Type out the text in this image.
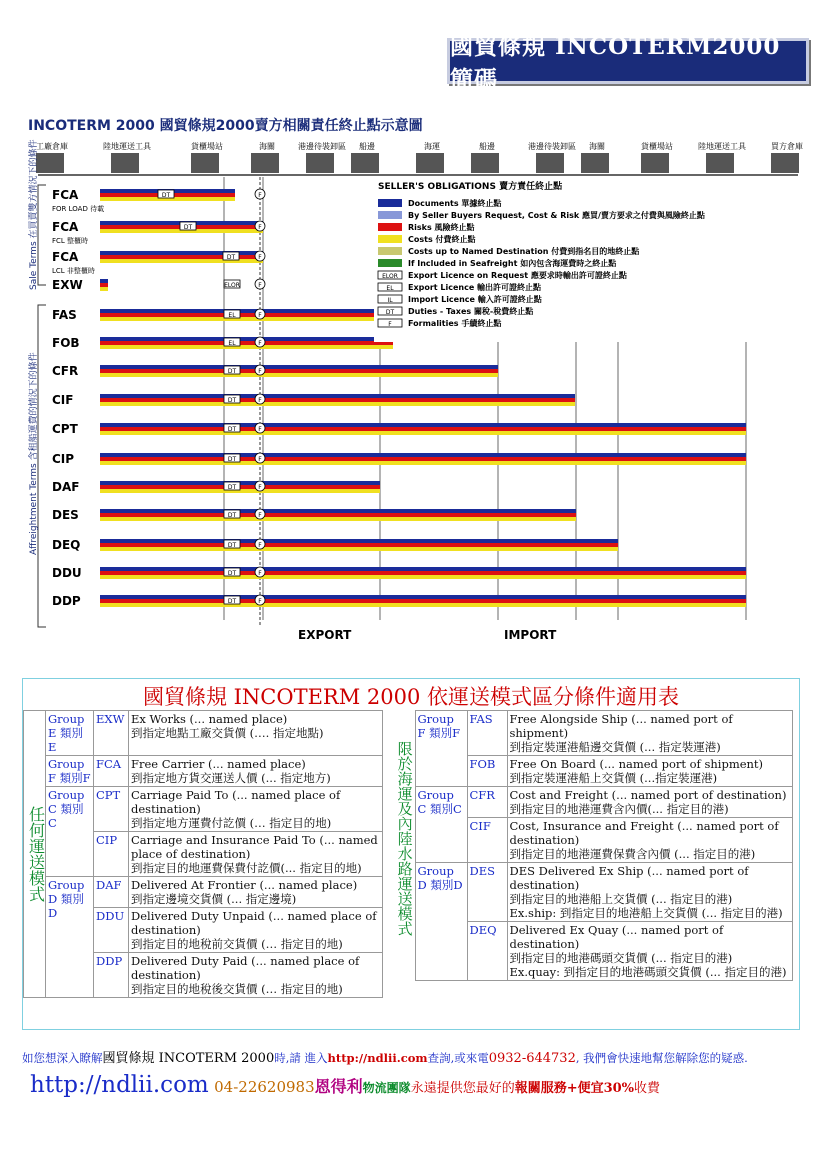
國貿條規 INCOTERM2000 簡碼
INCOTERM 2000 國貿條規2000賣方相關責任終止點示意圖
工廠倉庫	陸地運送工具	貨櫃場站	海關	港邊待裝卸區 船邊	海運	船邊	港邊待裝卸區 海關	貨櫃場站	陸地運送工具	買方倉庫
Sale Terms 在買賣雙方情況下的條件
Affreightment Terms 含租船運費的情況下的條件
FCA
FOR LOAD 待載
DT	F
FCA
FCL 整櫃時
DT	F
FCA
LCL 非整櫃時
DT	F
EXW	ELOR	F
FAS	EL	F
FOB	EL	F
CFR	DT	F
CIF	DT	F
CPT	DT	F
CIP	DT	F
DAF	DT	F
DES	DT	F
DEQ	DT	F
DDU	DT	F
DDP	DT	F
SELLER'S OBLIGATIONS 賣方責任終止點
Documents 單據終止點
By Seller Buyers Request, Cost & Risk 應買/賣方要求之付費與風險終止點
Risks 風險終止點
Costs 付費終止點
Costs up to Named Destination 付費到指名目的地終止點
If Included in Seafreight 如內包含海運費時之終止點
ELOR Export Licence on Request 應要求時輸出許可證終止點
EL Export Licence 輸出許可證終止點
IL Import Licence 輸入許可證終止點
DT Duties - Taxes 關稅-稅費終止點
F Formalities 手續終止點
EXPORT	IMPORT
國貿條規 INCOTERM 2000 依運送模式區分條件適用表
任何運送模式	Group E 類別E	EXW	Ex Works (... named place)
到指定地點工廠交貨價 (…. 指定地點)

	Group F 類別F	FCA	Free Carrier (... named place)
到指定地方貨交運送人價 (... 指定地方)

	Group C 類別C	CPT	Carriage Paid To (... named place of destination)
到指定地方運費付訖價 (… 指定目的地)

		CIP	Carriage and Insurance Paid To (... named place of destination)
到指定目的地運費保費付訖價(... 指定目的地)

	Group D 類別D	DAF	Delivered At Frontier (... named place)
到指定邊境交貨價 (... 指定邊境)

		DDU	Delivered Duty Unpaid (... named place of destination)
到指定目的地稅前交貨價 (… 指定目的地)

		DDP	Delivered Duty Paid (... named place of destination)
到指定目的地稅後交貨價 (… 指定目的地)
限於海運及內陸水路運送模式	Group F 類別F	FAS	Free Alongside Ship (... named port of shipment)
到指定裝運港船邊交貨價 (... 指定裝運港)

		FOB	Free On Board (... named port of shipment)
到指定裝運港船上交貨價 (...指定裝運港)

	Group C 類別C	CFR	Cost and Freight (... named port of destination)
到指定目的地港運費含內價(... 指定目的港)

		CIF	Cost, Insurance and Freight (... named port of destination)
到指定目的地港運費保費含內價 (... 指定目的港)

	Group D 類別D	DES	DES Delivered Ex Ship (... named port of destination)
到指定目的地港船上交貨價 (... 指定目的港)
Ex.ship: 到指定目的地港船上交貨價 (... 指定目的港)

		DEQ	Delivered Ex Quay (... named port of destination)
到指定目的地港碼頭交貨價 (... 指定目的港)
Ex.quay: 到指定目的地港碼頭交貨價 (... 指定目的港)
如您想深入瞭解國貿條規 INCOTERM 2000時,請 進入http://ndlii.com查詢,或來電0932-644732, 我們會快速地幫您解除您的疑惑.
http://ndlii.com 04-22620983恩得利物流團隊永遠提供您最好的報關服務+便宜30%收費
